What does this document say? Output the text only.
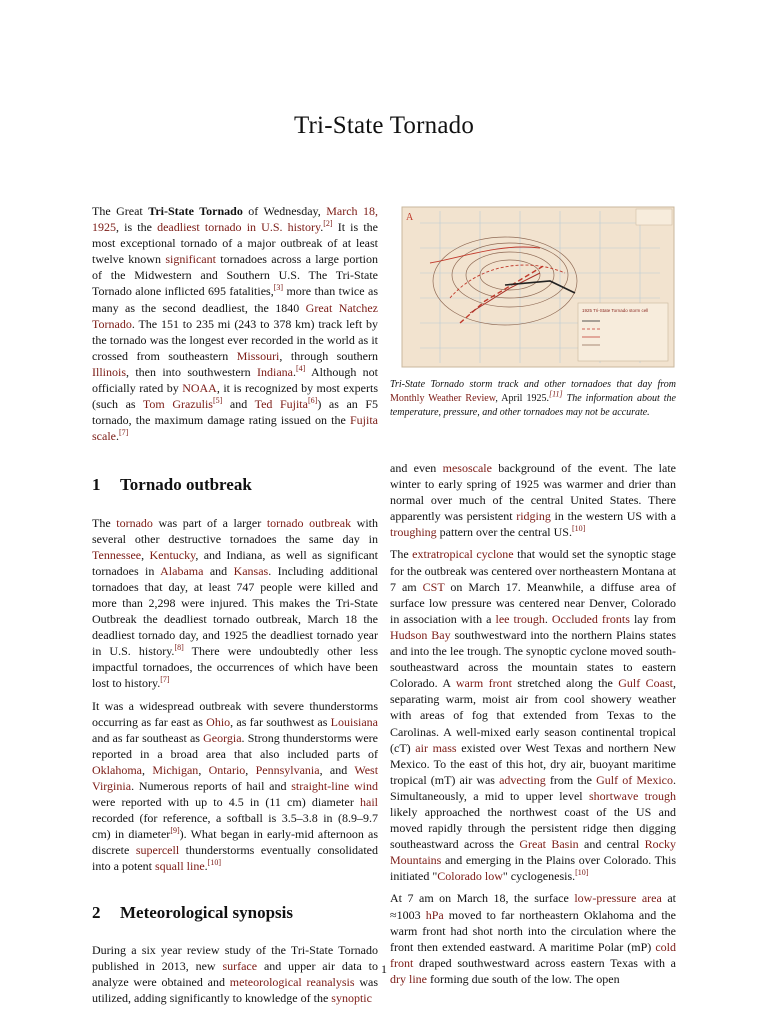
Tri-State Tornado

The Great Tri-State Tornado of Wednesday, March 18, 1925, is the deadliest tornado in U.S. history.[2] It is the most exceptional tornado of a major outbreak of at least twelve known significant tornadoes across a large portion of the Midwestern and Southern U.S. The Tri-State Tornado alone inflicted 695 fatalities,[3] more than twice as many as the second deadliest, the 1840 Great Natchez Tornado. The 151 to 235 mi (243 to 378 km) track left by the tornado was the longest ever recorded in the world as it crossed from southeastern Missouri, through southern Illinois, then into southwestern Indiana.[4] Although not officially rated by NOAA, it is recognized by most experts (such as Tom Grazulis[5] and Ted Fujita[6]) as an F5 tornado, the maximum damage rating issued on the Fujita scale.[7]

1 Tornado outbreak

The tornado was part of a larger tornado outbreak with several other destructive tornadoes the same day in Tennessee, Kentucky, and Indiana, as well as significant tornadoes in Alabama and Kansas. Including additional tornadoes that day, at least 747 people were killed and more than 2,298 were injured. This makes the Tri-State Outbreak the deadliest tornado outbreak, March 18 the deadliest tornado day, and 1925 the deadliest tornado year in U.S. history.[8] There were undoubtedly other less impactful tornadoes, the occurrences of which have been lost to history.[7]

It was a widespread outbreak with severe thunderstorms occurring as far east as Ohio, as far southwest as Louisiana and as far southeast as Georgia. Strong thunderstorms were reported in a broad area that also included parts of Oklahoma, Michigan, Ontario, Pennsylvania, and West Virginia. Numerous reports of hail and straight-line wind were reported with up to 4.5 in (11 cm) diameter hail recorded (for reference, a softball is 3.5–3.8 in (8.9–9.7 cm) in diameter[9]). What began in early-mid afternoon as discrete supercell thunderstorms eventually consolidated into a potent squall line.[10]

2 Meteorological synopsis

During a six year review study of the Tri-State Tornado published in 2013, new surface and upper air data to analyze were obtained and meteorological reanalysis was utilized, adding significantly to knowledge of the synoptic

A
1925 Tri-State Tornado storm cell
Tri-State Tornado storm track and other tornadoes that day from Monthly Weather Review, April 1925.[11] The information about the temperature, pressure, and other tornadoes may not be accurate.

and even mesoscale background of the event. The late winter to early spring of 1925 was warmer and drier than normal over much of the central United States. There apparently was persistent ridging in the western US with a troughing pattern over the central US.[10]

The extratropical cyclone that would set the synoptic stage for the outbreak was centered over northeastern Montana at 7 am CST on March 17. Meanwhile, a diffuse area of surface low pressure was centered near Denver, Colorado in association with a lee trough. Occluded fronts lay from Hudson Bay southwestward into the northern Plains states and into the lee trough. The synoptic cyclone moved south-southeastward across the mountain states to eastern Colorado. A warm front stretched along the Gulf Coast, separating warm, moist air from cool showery weather with areas of fog that extended from Texas to the Carolinas. A well-mixed early season continental tropical (cT) air mass existed over West Texas and northern New Mexico. To the east of this hot, dry air, buoyant maritime tropical (mT) air was advecting from the Gulf of Mexico. Simultaneously, a mid to upper level shortwave trough likely approached the northwest coast of the US and moved rapidly through the persistent ridge then digging southeastward across the Great Basin and central Rocky Mountains and emerging in the Plains over Colorado. This initiated "Colorado low" cyclogenesis.[10]

At 7 am on March 18, the surface low-pressure area at ≈1003 hPa moved to far northeastern Oklahoma and the warm front had shot north into the circulation where the front then extended eastward. A maritime Polar (mP) cold front draped southwestward across eastern Texas with a dry line forming due south of the low. The open

1
